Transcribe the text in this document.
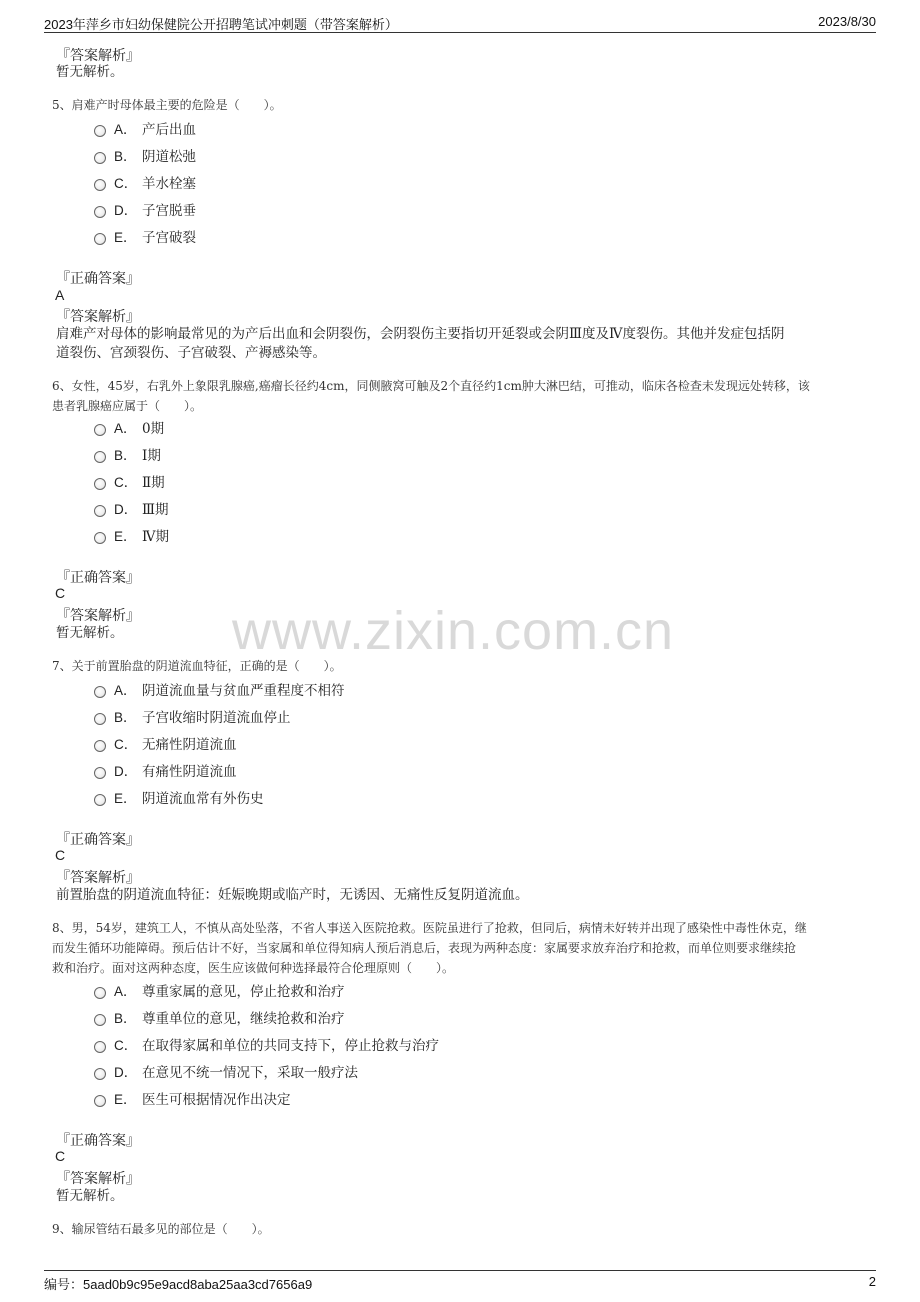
2023年萍乡市妇幼保健院公开招聘笔试冲刺题（带答案解析）	2023/8/30
www.zixin.com.cn
『答案解析』
暂无解析。
5、肩难产时母体最主要的危险是（　　）。
A． 产后出血
B． 阴道松弛
C． 羊水栓塞
D． 子宫脱垂
E． 子宫破裂
『正确答案』
A
『答案解析』
肩难产对母体的影响最常见的为产后出血和会阴裂伤，会阴裂伤主要指切开延裂或会阴Ⅲ度及Ⅳ度裂伤。其他并发症包括阴
道裂伤、宫颈裂伤、子宫破裂、产褥感染等。
6、女性，45岁，右乳外上象限乳腺癌,癌瘤长径约4cm，同侧腋窝可触及2个直径约1cm肿大淋巴结，可推动，临床各检查未发现远处转移，该
患者乳腺癌应属于（　　）。
A． 0期
B． Ⅰ期
C． Ⅱ期
D． Ⅲ期
E． Ⅳ期
『正确答案』
C
『答案解析』
暂无解析。
7、关于前置胎盘的阴道流血特征，正确的是（　　）。
A． 阴道流血量与贫血严重程度不相符
B． 子宫收缩时阴道流血停止
C． 无痛性阴道流血
D． 有痛性阴道流血
E． 阴道流血常有外伤史
『正确答案』
C
『答案解析』
前置胎盘的阴道流血特征：妊娠晚期或临产时，无诱因、无痛性反复阴道流血。
8、男，54岁，建筑工人，不慎从高处坠落，不省人事送入医院抢救。医院虽进行了抢救，但同后，病情未好转并出现了感染性中毒性休克，继
而发生循环功能障碍。预后估计不好，当家属和单位得知病人预后消息后，表现为两种态度：家属要求放弃治疗和抢救，而单位则要求继续抢
救和治疗。面对这两种态度，医生应该做何种选择最符合伦理原则（　　）。
A． 尊重家属的意见，停止抢救和治疗
B． 尊重单位的意见，继续抢救和治疗
C． 在取得家属和单位的共同支持下，停止抢救与治疗
D． 在意见不统一情况下，采取一般疗法
E． 医生可根据情况作出决定
『正确答案』
C
『答案解析』
暂无解析。
9、输尿管结石最多见的部位是（　　）。
编号：5aad0b9c95e9acd8aba25aa3cd7656a9	2
